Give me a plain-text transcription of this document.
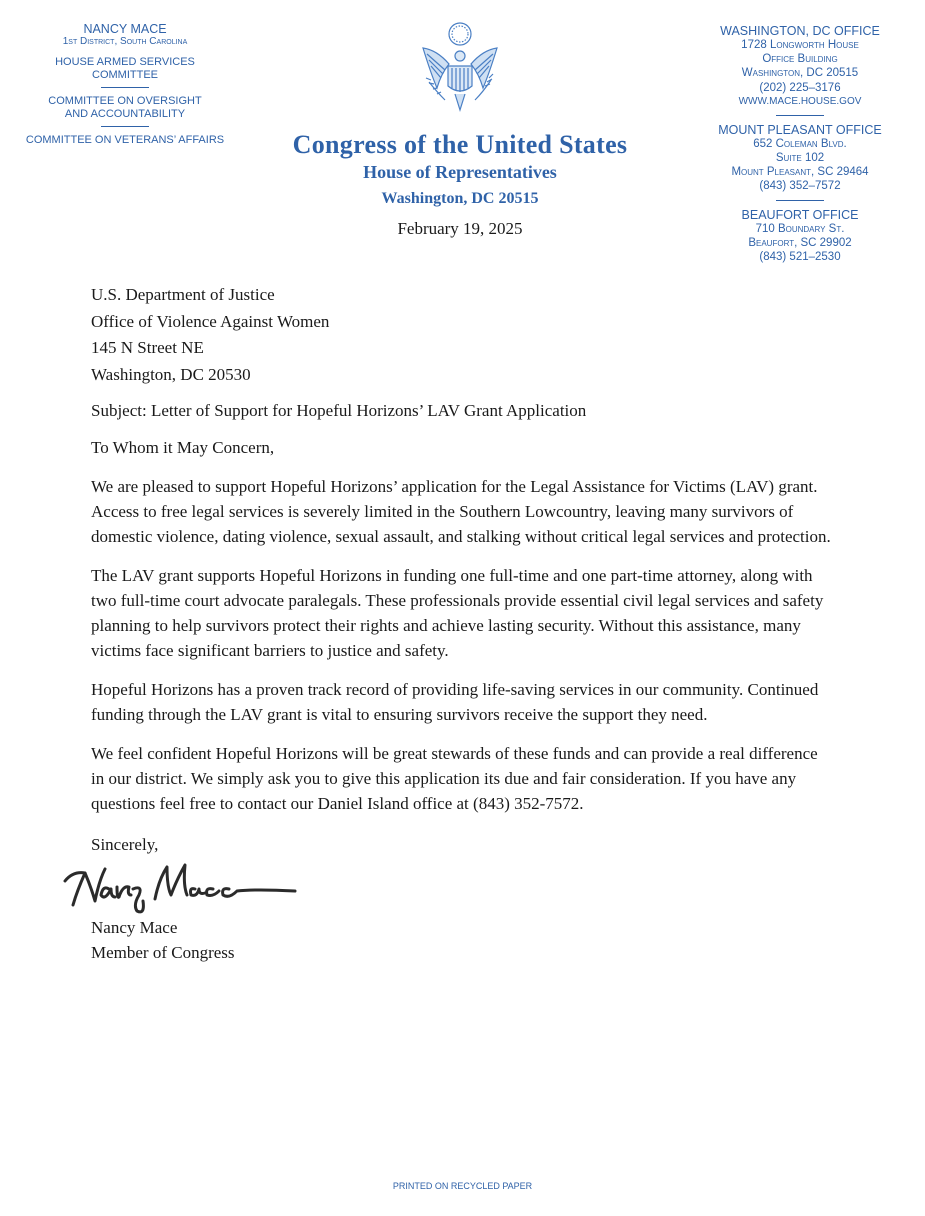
NANCY MACE
1st District, South Carolina
HOUSE ARMED SERVICES
COMMITTEE
COMMITTEE ON OVERSIGHT
AND ACCOUNTABILITY
COMMITTEE ON VETERANS’ AFFAIRS	Congress of the United States
House of Representatives
Washington, DC 20515
February 19, 2025
WASHINGTON, DC OFFICE
1728 Longworth House
Office Building
Washington, DC 20515
(202) 225–3176
WWW.MACE.HOUSE.GOV
MOUNT PLEASANT OFFICE
652 Coleman Blvd.
Suite 102
Mount Pleasant, SC 29464
(843) 352–7572
BEAUFORT OFFICE
710 Boundary St.
Beaufort, SC 29902
(843) 521–2530
U.S. Department of Justice
Office of Violence Against Women
145 N Street NE
Washington, DC 20530

Subject: Letter of Support for Hopeful Horizons’ LAV Grant Application

To Whom it May Concern,

We are pleased to support Hopeful Horizons’ application for the Legal Assistance for Victims (LAV) grant. Access to free legal services is severely limited in the Southern Lowcountry, leaving many survivors of domestic violence, dating violence, sexual assault, and stalking without critical legal services and protection.

The LAV grant supports Hopeful Horizons in funding one full-time and one part-time attorney, along with two full-time court advocate paralegals. These professionals provide essential civil legal services and safety planning to help survivors protect their rights and achieve lasting security. Without this assistance, many victims face significant barriers to justice and safety.

Hopeful Horizons has a proven track record of providing life-saving services in our community. Continued funding through the LAV grant is vital to ensuring survivors receive the support they need.

We feel confident Hopeful Horizons will be great stewards of these funds and can provide a real difference in our district. We simply ask you to give this application its due and fair consideration. If you have any questions feel free to contact our Daniel Island office at (843) 352-7572.

Sincerely,

Nancy Mace
Member of Congress
PRINTED ON RECYCLED PAPER
